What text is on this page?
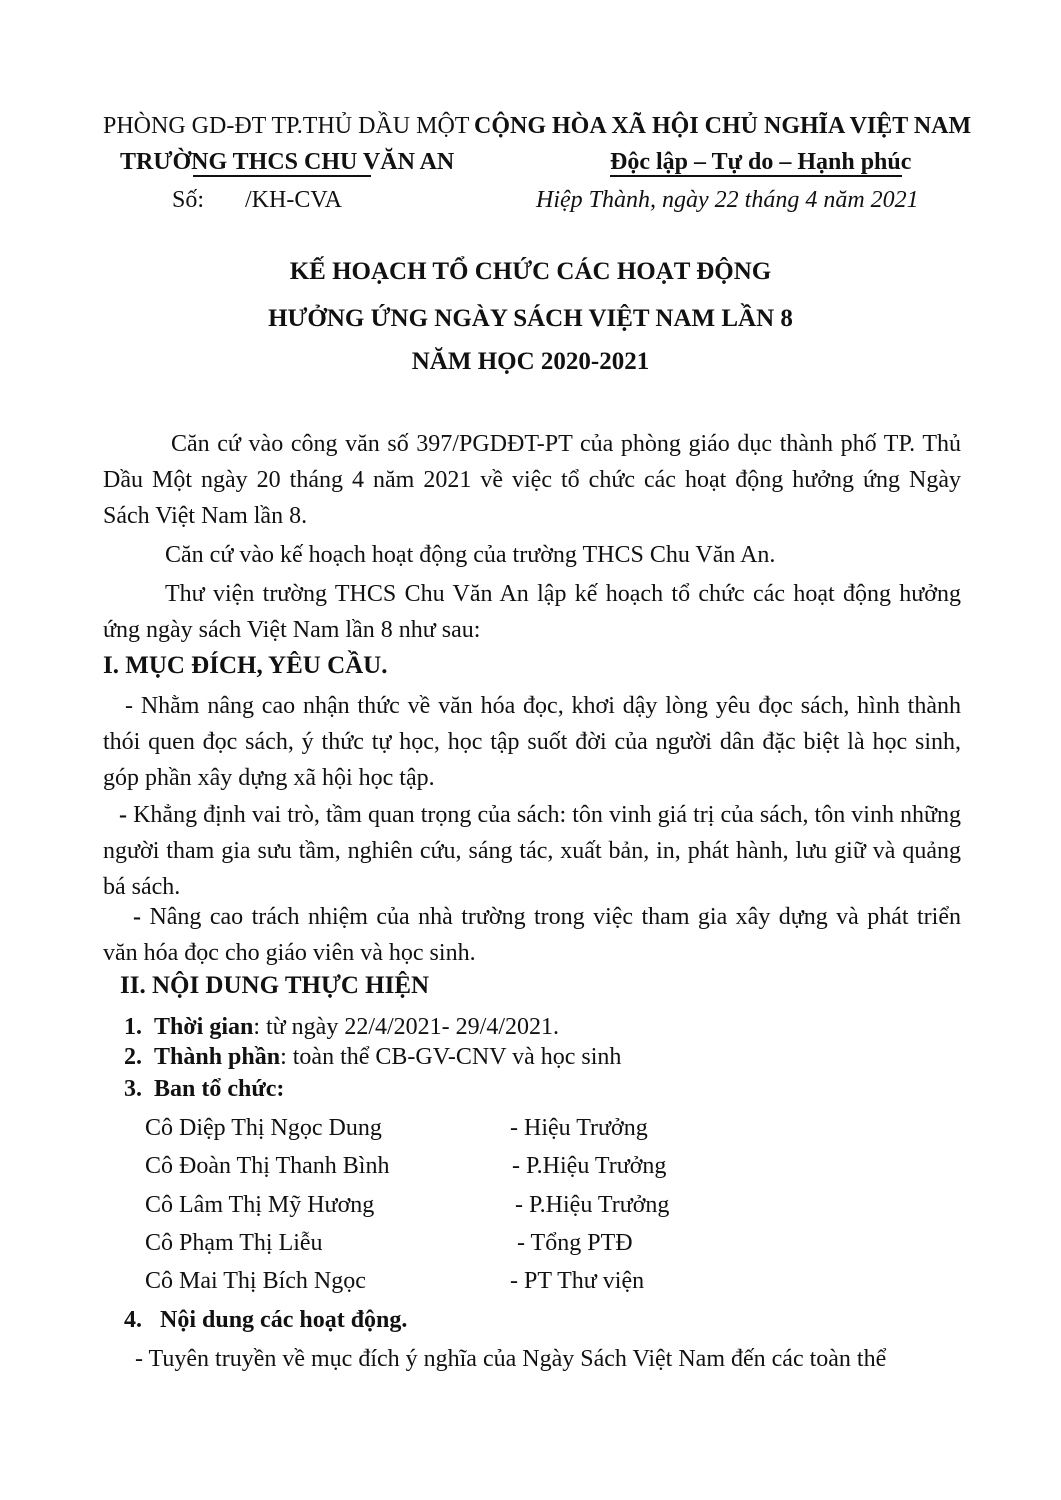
PHÒNG GD-ĐT TP.THỦ DẦU MỘT
TRƯỜNG THCS CHU VĂN AN
Số: /KH-CVA
CỘNG HÒA XÃ HỘI CHỦ NGHĨA VIỆT NAM
Độc lập – Tự do – Hạnh phúc
Hiệp Thành, ngày 22 tháng 4 năm 2021
KẾ HOẠCH TỔ CHỨC CÁC HOẠT ĐỘNG
HƯỞNG ỨNG NGÀY SÁCH VIỆT NAM LẦN 8
NĂM HỌC 2020-2021
Căn cứ vào công văn số 397/PGDĐT-PT của phòng giáo dục thành phố TP. Thủ Dầu Một ngày 20 tháng 4 năm 2021 về việc tổ chức các hoạt động hưởng ứng Ngày Sách Việt Nam lần 8.
Căn cứ vào kế hoạch hoạt động của trường THCS Chu Văn An.
Thư viện trường THCS Chu Văn An lập kế hoạch tổ chức các hoạt động hưởng ứng ngày sách Việt Nam lần 8 như sau:
I. MỤC ĐÍCH, YÊU CẦU.
- Nhằm nâng cao nhận thức về văn hóa đọc, khơi dậy lòng yêu đọc sách, hình thành thói quen đọc sách, ý thức tự học, học tập suốt đời của người dân đặc biệt là học sinh, góp phần xây dựng xã hội học tập.
- Khẳng định vai trò, tầm quan trọng của sách: tôn vinh giá trị của sách, tôn vinh những người tham gia sưu tầm, nghiên cứu, sáng tác, xuất bản, in, phát hành, lưu giữ và quảng bá sách.
- Nâng cao trách nhiệm của nhà trường trong việc tham gia xây dựng và phát triển văn hóa đọc cho giáo viên và học sinh.
II. NỘI DUNG THỰC HIỆN
1. Thời gian: từ ngày 22/4/2021- 29/4/2021.
2. Thành phần: toàn thể CB-GV-CNV và học sinh
3. Ban tổ chức:
Cô Diệp Thị Ngọc Dung	- Hiệu Trưởng
Cô Đoàn Thị Thanh Bình	- P.Hiệu Trưởng
Cô Lâm Thị Mỹ Hương	- P.Hiệu Trưởng
Cô Phạm Thị Liễu	- Tổng PTĐ
Cô Mai Thị Bích Ngọc	- PT Thư viện
4. Nội dung các hoạt động.
- Tuyên truyền về mục đích ý nghĩa của Ngày Sách Việt Nam đến các toàn thể
